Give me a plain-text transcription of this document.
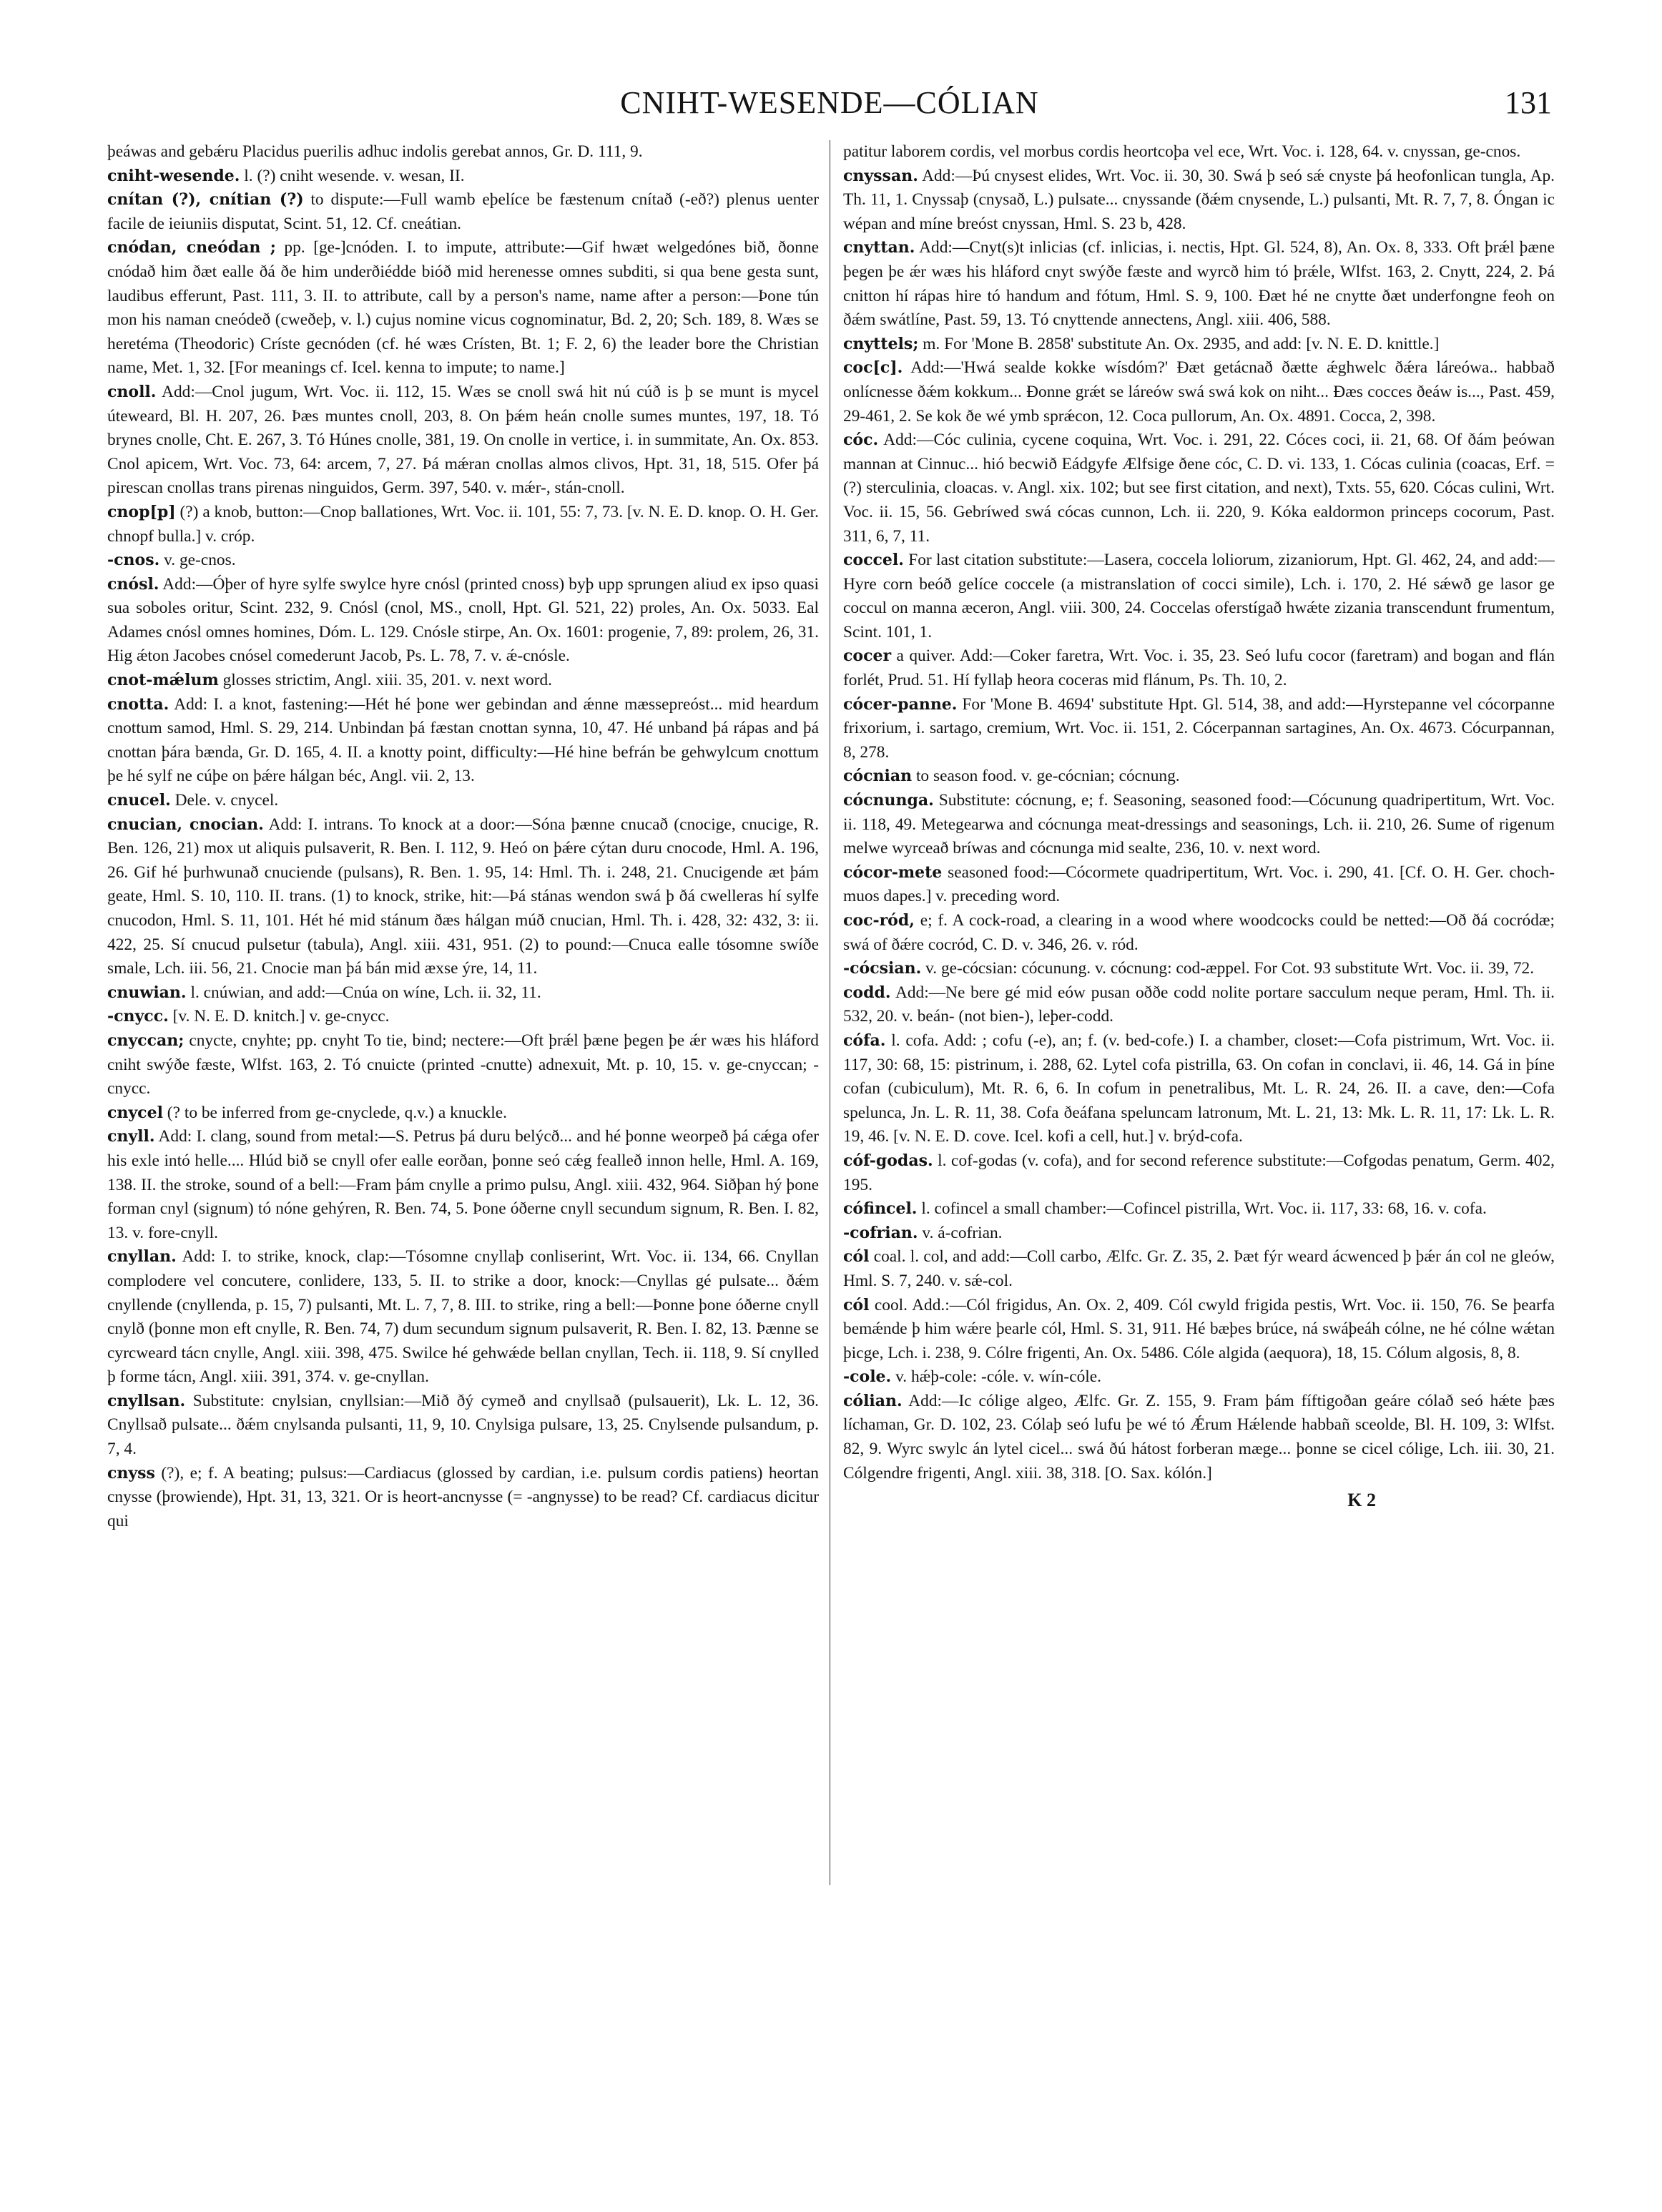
CNIHT-WESENDE—CÓLIAN	131

þeáwas and gebǽru Placidus puerilis adhuc indolis gerebat annos, Gr. D. 111, 9.

cniht-wesende. l. (?) cniht wesende. v. wesan, II.

cnítan (?), cnítian (?) to dispute:—Full wamb eþelíce be fæstenum cnítað (-eð?) plenus uenter facile de ieiuniis disputat, Scint. 51, 12. Cf. cneátian.

cnódan, cneódan ; pp. [ge-]cnóden. I. to impute, attribute:—Gif hwæt welgedónes bið, ðonne cnódað him ðæt ealle ðá ðe him underðiédde bióð mid herenesse omnes subditi, si qua bene gesta sunt, laudibus efferunt, Past. 111, 3. II. to attribute, call by a person's name, name after a person:—Þone tún mon his naman cneódeð (cweðeþ, v. l.) cujus nomine vicus cognominatur, Bd. 2, 20; Sch. 189, 8. Wæs se heretéma (Theodoric) Críste gecnóden (cf. hé wæs Crísten, Bt. 1; F. 2, 6) the leader bore the Christian name, Met. 1, 32. [For meanings cf. Icel. kenna to impute; to name.]

cnoll. Add:—Cnol jugum, Wrt. Voc. ii. 112, 15. Wæs se cnoll swá hit nú cúð is þ se munt is mycel úteweard, Bl. H. 207, 26. Þæs muntes cnoll, 203, 8. On þǽm heán cnolle sumes muntes, 197, 18. Tó brynes cnolle, Cht. E. 267, 3. Tó Húnes cnolle, 381, 19. On cnolle in vertice, i. in summitate, An. Ox. 853. Cnol apicem, Wrt. Voc. 73, 64: arcem, 7, 27. Þá mǽran cnollas almos clivos, Hpt. 31, 18, 515. Ofer þá pirescan cnollas trans pirenas ninguidos, Germ. 397, 540. v. mǽr-, stán-cnoll.

cnop[p] (?) a knob, button:—Cnop ballationes, Wrt. Voc. ii. 101, 55: 7, 73. [v. N. E. D. knop. O. H. Ger. chnopf bulla.] v. cróp.

-cnos. v. ge-cnos.

cnósl. Add:—Óþer of hyre sylfe swylce hyre cnósl (printed cnoss) byþ upp sprungen aliud ex ipso quasi sua soboles oritur, Scint. 232, 9. Cnósl (cnol, MS., cnoll, Hpt. Gl. 521, 22) proles, An. Ox. 5033. Eal Adames cnósl omnes homines, Dóm. L. 129. Cnósle stirpe, An. Ox. 1601: progenie, 7, 89: prolem, 26, 31. Hig ǽton Jacobes cnósel comederunt Jacob, Ps. L. 78, 7. v. ǽ-cnósle.

cnot-mǽlum glosses strictim, Angl. xiii. 35, 201. v. next word.

cnotta. Add: I. a knot, fastening:—Hét hé þone wer gebindan and ǽnne mæssepreóst... mid heardum cnottum samod, Hml. S. 29, 214. Unbindan þá fæstan cnottan synna, 10, 47. Hé unband þá rápas and þá cnottan þára bænda, Gr. D. 165, 4. II. a knotty point, difficulty:—Hé hine befrán be gehwylcum cnottum þe hé sylf ne cúþe on þǽre hálgan béc, Angl. vii. 2, 13.

cnucel. Dele. v. cnycel.

cnucian, cnocian. Add: I. intrans. To knock at a door:—Sóna þænne cnucað (cnocige, cnucige, R. Ben. 126, 21) mox ut aliquis pulsaverit, R. Ben. I. 112, 9. Heó on þǽre cýtan duru cnocode, Hml. A. 196, 26. Gif hé þurhwunað cnuciende (pulsans), R. Ben. 1. 95, 14: Hml. Th. i. 248, 21. Cnucigende æt þám geate, Hml. S. 10, 110. II. trans. (1) to knock, strike, hit:—Þá stánas wendon swá þ ðá cwelleras hí sylfe cnucodon, Hml. S. 11, 101. Hét hé mid stánum ðæs hálgan múð cnucian, Hml. Th. i. 428, 32: 432, 3: ii. 422, 25. Sí cnucud pulsetur (tabula), Angl. xiii. 431, 951. (2) to pound:—Cnuca ealle tósomne swíðe smale, Lch. iii. 56, 21. Cnocie man þá bán mid æxse ýre, 14, 11.

cnuwian. l. cnúwian, and add:—Cnúa on wíne, Lch. ii. 32, 11.

-cnycc. [v. N. E. D. knitch.] v. ge-cnycc.

cnyccan; cnycte, cnyhte; pp. cnyht To tie, bind; nectere:—Oft þrǽl þæne þegen þe ǽr wæs his hláford cniht swýðe fæste, Wlfst. 163, 2. Tó cnuicte (printed -cnutte) adnexuit, Mt. p. 10, 15. v. ge-cnyccan; -cnycc.

cnycel (? to be inferred from ge-cnyclede, q.v.) a knuckle.

cnyll. Add: I. clang, sound from metal:—S. Petrus þá duru belýcð... and hé þonne weorpeð þá cǽga ofer his exle intó helle.... Hlúd bið se cnyll ofer ealle eorðan, þonne seó cǽg fealleð innon helle, Hml. A. 169, 138. II. the stroke, sound of a bell:—Fram þám cnylle a primo pulsu, Angl. xiii. 432, 964. Siðþan hý þone forman cnyl (signum) tó nóne gehýren, R. Ben. 74, 5. Þone óðerne cnyll secundum signum, R. Ben. I. 82, 13. v. fore-cnyll.

cnyllan. Add: I. to strike, knock, clap:—Tósomne cnyllaþ conliserint, Wrt. Voc. ii. 134, 66. Cnyllan complodere vel concutere, conlidere, 133, 5. II. to strike a door, knock:—Cnyllas gé pulsate... ðǽm cnyllende (cnyllenda, p. 15, 7) pulsanti, Mt. L. 7, 7, 8. III. to strike, ring a bell:—Þonne þone óðerne cnyll cnylð (þonne mon eft cnylle, R. Ben. 74, 7) dum secundum signum pulsaverit, R. Ben. I. 82, 13. Þænne se cyrcweard tácn cnylle, Angl. xiii. 398, 475. Swilce hé gehwǽde bellan cnyllan, Tech. ii. 118, 9. Sí cnylled þ forme tácn, Angl. xiii. 391, 374. v. ge-cnyllan.

cnyllsan. Substitute: cnylsian, cnyllsian:—Mið ðý cymeð and cnyllsað (pulsauerit), Lk. L. 12, 36. Cnyllsað pulsate... ðǽm cnylsanda pulsanti, 11, 9, 10. Cnylsiga pulsare, 13, 25. Cnylsende pulsandum, p. 7, 4.

cnyss (?), e; f. A beating; pulsus:—Cardiacus (glossed by cardian, i.e. pulsum cordis patiens) heortan cnysse (þrowiende), Hpt. 31, 13, 321. Or is heort-ancnysse (= -angnysse) to be read? Cf. cardiacus dicitur qui

patitur laborem cordis, vel morbus cordis heortcoþa vel ece, Wrt. Voc. i. 128, 64. v. cnyssan, ge-cnos.

cnyssan. Add:—Þú cnysest elides, Wrt. Voc. ii. 30, 30. Swá þ seó sǽ cnyste þá heofonlican tungla, Ap. Th. 11, 1. Cnyssaþ (cnysað, L.) pulsate... cnyssande (ðǽm cnysende, L.) pulsanti, Mt. R. 7, 7, 8. Óngan ic wépan and míne breóst cnyssan, Hml. S. 23 b, 428.

cnyttan. Add:—Cnyt(s)t inlicias (cf. inlicias, i. nectis, Hpt. Gl. 524, 8), An. Ox. 8, 333. Oft þrǽl þæne þegen þe ǽr wæs his hláford cnyt swýðe fæste and wyrcð him tó þrǽle, Wlfst. 163, 2. Cnytt, 224, 2. Þá cnitton hí rápas hire tó handum and fótum, Hml. S. 9, 100. Ðæt hé ne cnytte ðæt underfongne feoh on ðǽm swátlíne, Past. 59, 13. Tó cnyttende annectens, Angl. xiii. 406, 588.

cnyttels; m. For 'Mone B. 2858' substitute An. Ox. 2935, and add: [v. N. E. D. knittle.]

coc[c]. Add:—'Hwá sealde kokke wísdóm?' Ðæt getácnað ðætte ǽghwelc ðǽra láreówa.. habbað onlícnesse ðǽm kokkum... Ðonne grǽt se láreów swá swá kok on niht... Ðæs cocces ðeáw is..., Past. 459, 29-461, 2. Se kok ðe wé ymb sprǽcon, 12. Coca pullorum, An. Ox. 4891. Cocca, 2, 398.

cóc. Add:—Cóc culinia, cycene coquina, Wrt. Voc. i. 291, 22. Cóces coci, ii. 21, 68. Of ðám þeówan mannan at Cinnuc... hió becwið Eádgyfe Ælfsige ðene cóc, C. D. vi. 133, 1. Cócas culinia (coacas, Erf. = (?) sterculinia, cloacas. v. Angl. xix. 102; but see first citation, and next), Txts. 55, 620. Cócas culini, Wrt. Voc. ii. 15, 56. Gebríwed swá cócas cunnon, Lch. ii. 220, 9. Kóka ealdormon princeps cocorum, Past. 311, 6, 7, 11.

coccel. For last citation substitute:—Lasera, coccela loliorum, zizaniorum, Hpt. Gl. 462, 24, and add:—Hyre corn beóð gelíce coccele (a mistranslation of cocci simile), Lch. i. 170, 2. Hé sǽwð ge lasor ge coccul on manna æceron, Angl. viii. 300, 24. Coccelas oferstígað hwǽte zizania transcendunt frumentum, Scint. 101, 1.

cocer a quiver. Add:—Coker faretra, Wrt. Voc. i. 35, 23. Seó lufu cocor (faretram) and bogan and flán forlét, Prud. 51. Hí fyllaþ heora coceras mid flánum, Ps. Th. 10, 2.

cócer-panne. For 'Mone B. 4694' substitute Hpt. Gl. 514, 38, and add:—Hyrstepanne vel cócorpanne frixorium, i. sartago, cremium, Wrt. Voc. ii. 151, 2. Cócerpannan sartagines, An. Ox. 4673. Cócurpannan, 8, 278.

cócnian to season food. v. ge-cócnian; cócnung.

cócnunga. Substitute: cócnung, e; f. Seasoning, seasoned food:—Cócunung quadripertitum, Wrt. Voc. ii. 118, 49. Metegearwa and cócnunga meat-dressings and seasonings, Lch. ii. 210, 26. Sume of rigenum melwe wyrceað bríwas and cócnunga mid sealte, 236, 10. v. next word.

cócor-mete seasoned food:—Cócormete quadripertitum, Wrt. Voc. i. 290, 41. [Cf. O. H. Ger. choch-muos dapes.] v. preceding word.

coc-ród, e; f. A cock-road, a clearing in a wood where woodcocks could be netted:—Oð ðá cocródæ; swá of ðǽre cocród, C. D. v. 346, 26. v. ród.

-cócsian. v. ge-cócsian: cócunung. v. cócnung: cod-æppel. For Cot. 93 substitute Wrt. Voc. ii. 39, 72.

codd. Add:—Ne bere gé mid eów pusan oððe codd nolite portare sacculum neque peram, Hml. Th. ii. 532, 20. v. beán- (not bien-), leþer-codd.

cófa. l. cofa. Add: ; cofu (-e), an; f. (v. bed-cofe.) I. a chamber, closet:—Cofa pistrimum, Wrt. Voc. ii. 117, 30: 68, 15: pistrinum, i. 288, 62. Lytel cofa pistrilla, 63. On cofan in conclavi, ii. 46, 14. Gá in þíne cofan (cubiculum), Mt. R. 6, 6. In cofum in penetralibus, Mt. L. R. 24, 26. II. a cave, den:—Cofa spelunca, Jn. L. R. 11, 38. Cofa ðeáfana speluncam latronum, Mt. L. 21, 13: Mk. L. R. 11, 17: Lk. L. R. 19, 46. [v. N. E. D. cove. Icel. kofi a cell, hut.] v. brýd-cofa.

cóf-godas. l. cof-godas (v. cofa), and for second reference substitute:—Cofgodas penatum, Germ. 402, 195.

cófincel. l. cofincel a small chamber:—Cofincel pistrilla, Wrt. Voc. ii. 117, 33: 68, 16. v. cofa.

-cofrian. v. á-cofrian.

cól coal. l. col, and add:—Coll carbo, Ælfc. Gr. Z. 35, 2. Þæt fýr weard ácwenced þ þǽr án col ne gleów, Hml. S. 7, 240. v. sǽ-col.

cól cool. Add.:—Cól frigidus, An. Ox. 2, 409. Cól cwyld frigida pestis, Wrt. Voc. ii. 150, 76. Se þearfa bemǽnde þ him wǽre þearle cól, Hml. S. 31, 911. Hé bæþes brúce, ná swáþeáh cólne, ne hé cólne wǽtan þicge, Lch. i. 238, 9. Cólre frigenti, An. Ox. 5486. Cóle algida (aequora), 18, 15. Cólum algosis, 8, 8.

-cole. v. hǽþ-cole: -cóle. v. wín-cóle.

cólian. Add:—Ic cólige algeo, Ælfc. Gr. Z. 155, 9. Fram þám fíftigoðan geáre cólað seó hǽte þæs líchaman, Gr. D. 102, 23. Cólaþ seó lufu þe wé tó Ǽrum Hǽlende habbañ sceolde, Bl. H. 109, 3: Wlfst. 82, 9. Wyrc swylc án lytel cicel... swá ðú hátost forberan mæge... þonne se cicel cólige, Lch. iii. 30, 21. Cólgendre frigenti, Angl. xiii. 38, 318. [O. Sax. kólón.]

K 2
